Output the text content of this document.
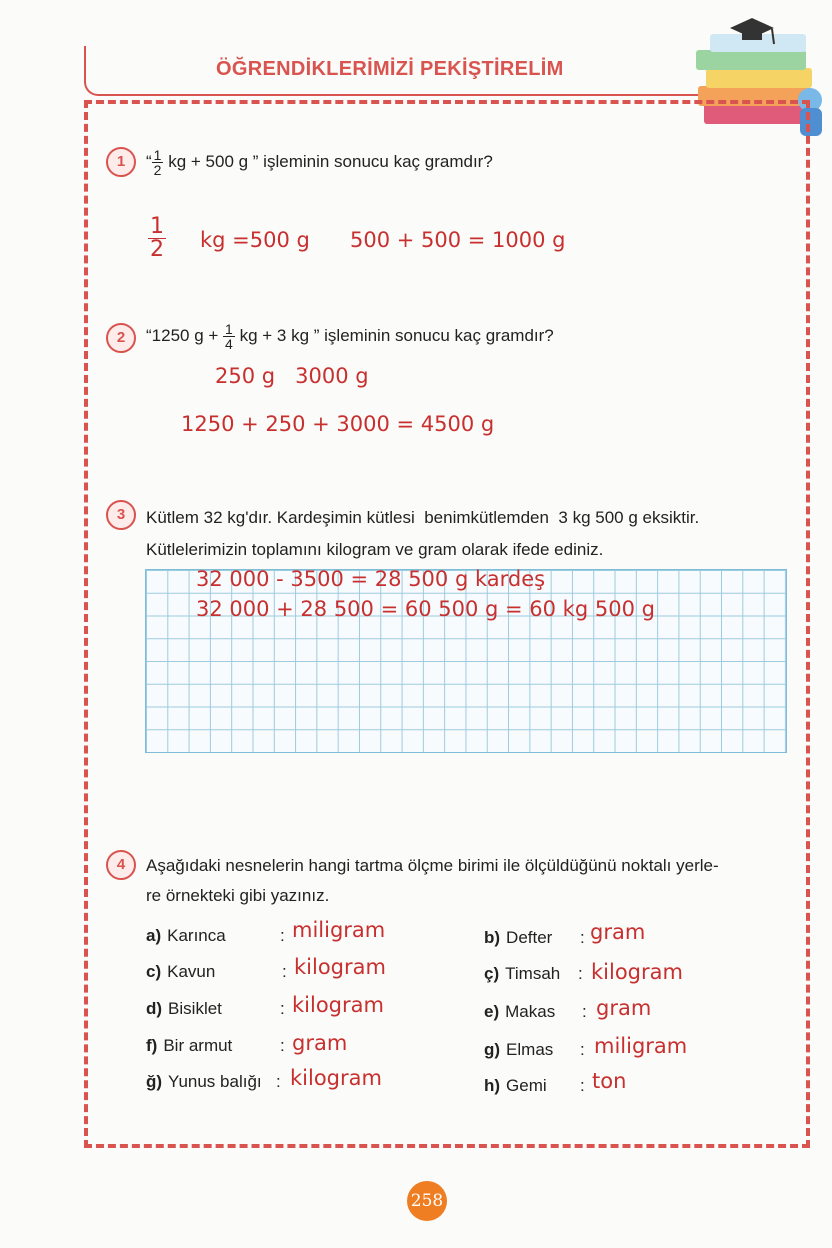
ÖĞRENDİKLERİMİZİ PEKİŞTİRELİM
1	“ $\frac{1}{2}$ kg + 500 g ” işleminin sonucu kaç gramdır?
$\frac{1}{2}$ kg =500 g 500 + 500 = 1000 g
2	“1250 $g + \frac{1}{4}$ kg + 3 kg ” işleminin sonucu kaç gramdır?
250 g   3000 g
1250 + 250 + 3000 = 4500 g
3	Kütlem 32 kg'dır. Kardeşimin kütlesi  benimkütlemden  3 kg 500 g eksiktir.
Kütlelerimizin toplamını kilogram ve gram olarak ifede ediniz.
32 000 - 3500 = 28 500 g kardeş
32 000 + 28 500 = 60 500 g = 60 kg 500 g
4	Aşağıdaki nesnelerin hangi tartma ölçme birimi ile ölçüldüğünü noktalı yerle-
re örnekteki gibi yazınız.
a) Karınca	: miligram
c) Kavun	: kilogram
d) Bisiklet	: kilogram
f) Bir armut	: gram
ğ) Yunus balığı : kilogram
b) Defter : gram
ç) Timsah : kilogram
e) Makas : gram
g) Elmas : miligram
h) Gemi : ton
258
